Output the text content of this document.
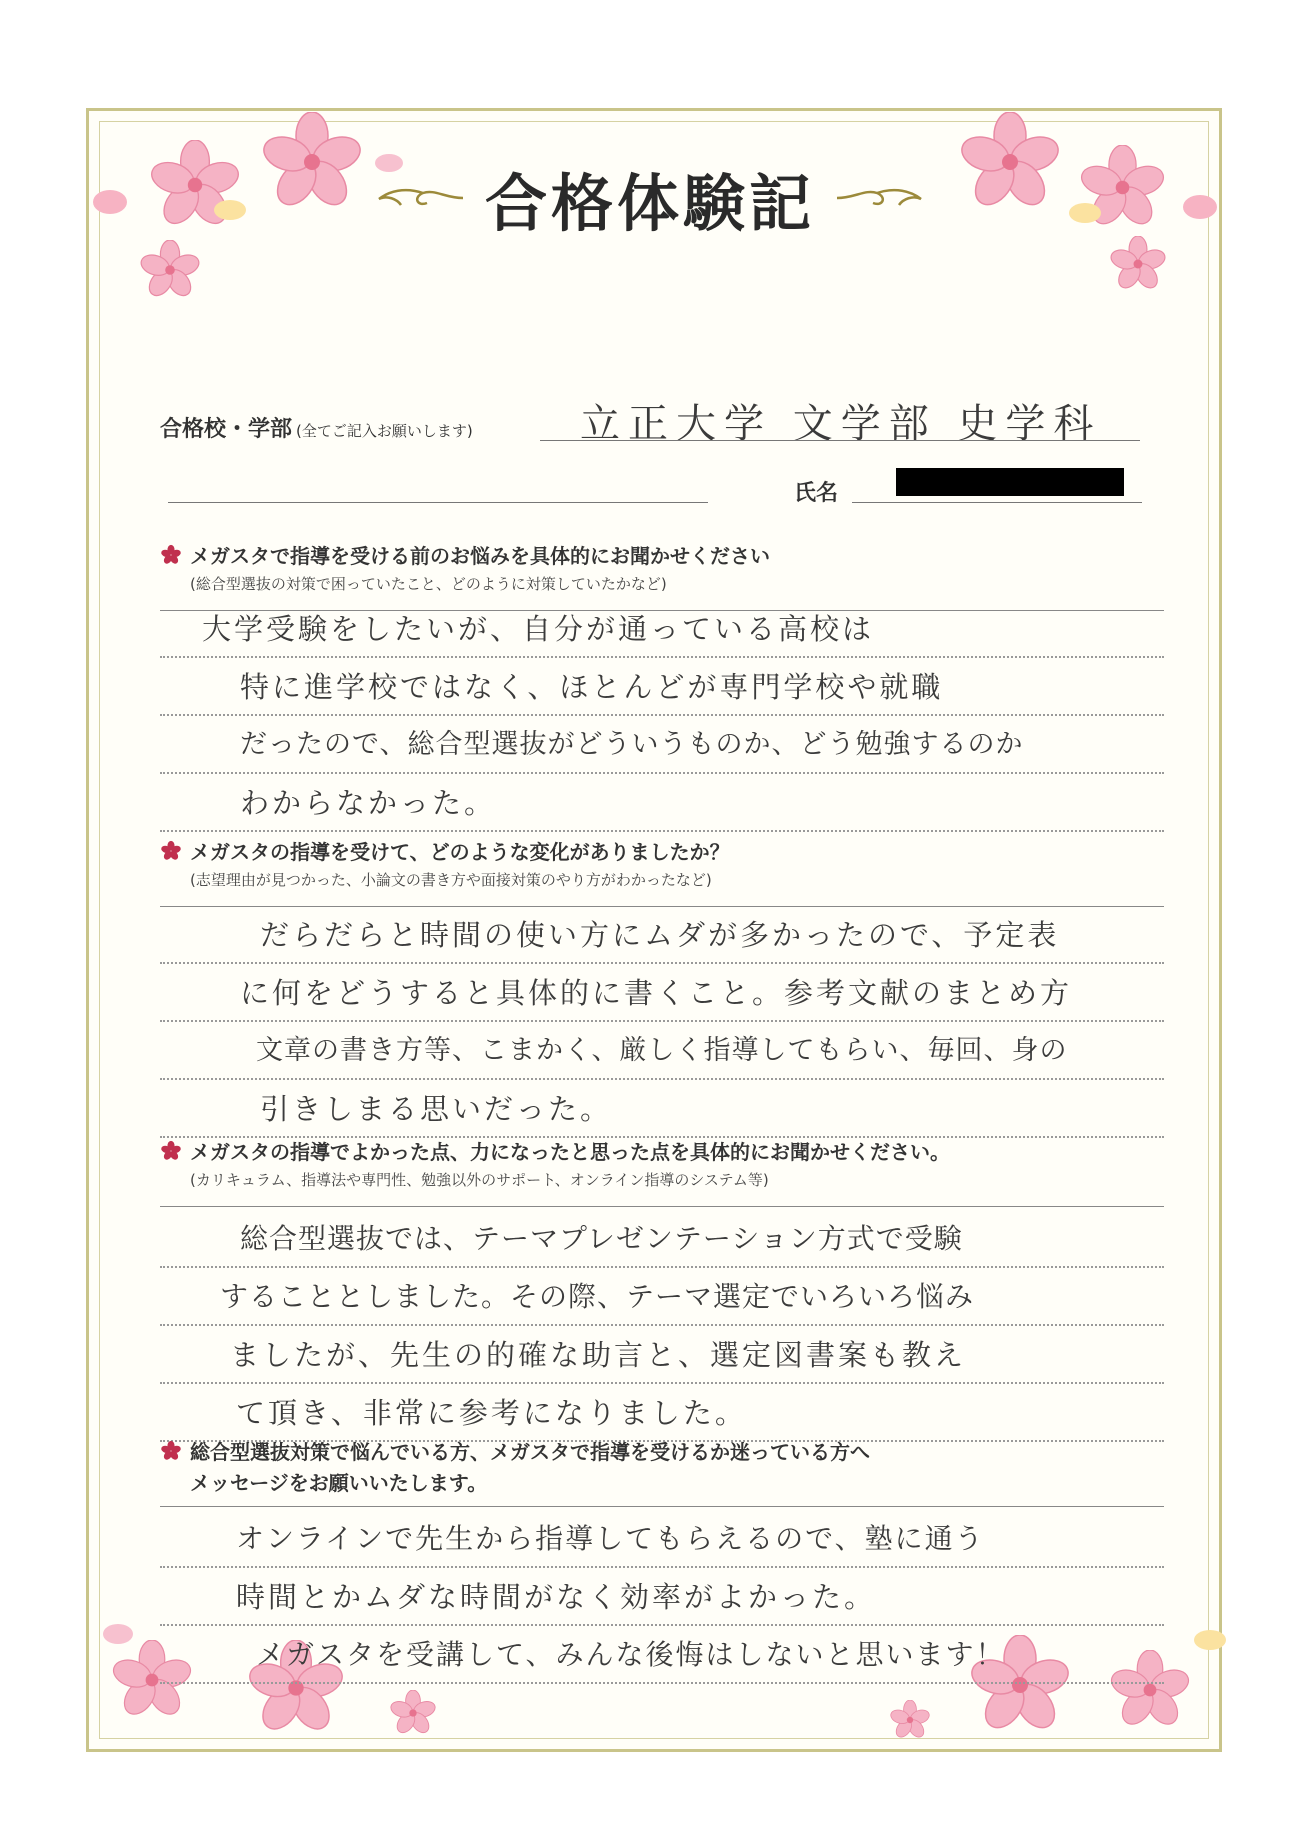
合格体験記
合格校・学部 (全てご記入お願いします)	立正大学 文学部 史学科
氏名
メガスタで指導を受ける前のお悩みを具体的にお聞かせください
(総合型選抜の対策で困っていたこと、どのように対策していたかなど)
大学受験をしたいが、自分が通っている高校は
特に進学校ではなく、ほとんどが専門学校や就職
だったので、総合型選抜がどういうものか、どう勉強するのか
わからなかった。
メガスタの指導を受けて、どのような変化がありましたか？
(志望理由が見つかった、小論文の書き方や面接対策のやり方がわかったなど)
だらだらと時間の使い方にムダが多かったので、予定表
に何をどうすると具体的に書くこと。参考文献のまとめ方
文章の書き方等、こまかく、厳しく指導してもらい、毎回、身の
引きしまる思いだった。
メガスタの指導でよかった点、力になったと思った点を具体的にお聞かせください。
(カリキュラム、指導法や専門性、勉強以外のサポート、オンライン指導のシステム等)
総合型選抜では、テーマプレゼンテーション方式で受験
することとしました。その際、テーマ選定でいろいろ悩み
ましたが、先生の的確な助言と、選定図書案も教え
て頂き、非常に参考になりました。
総合型選抜対策で悩んでいる方、メガスタで指導を受けるか迷っている方へ
メッセージをお願いいたします。
オンラインで先生から指導してもらえるので、塾に通う
時間とかムダな時間がなく効率がよかった。
メガスタを受講して、みんな後悔はしないと思います！
